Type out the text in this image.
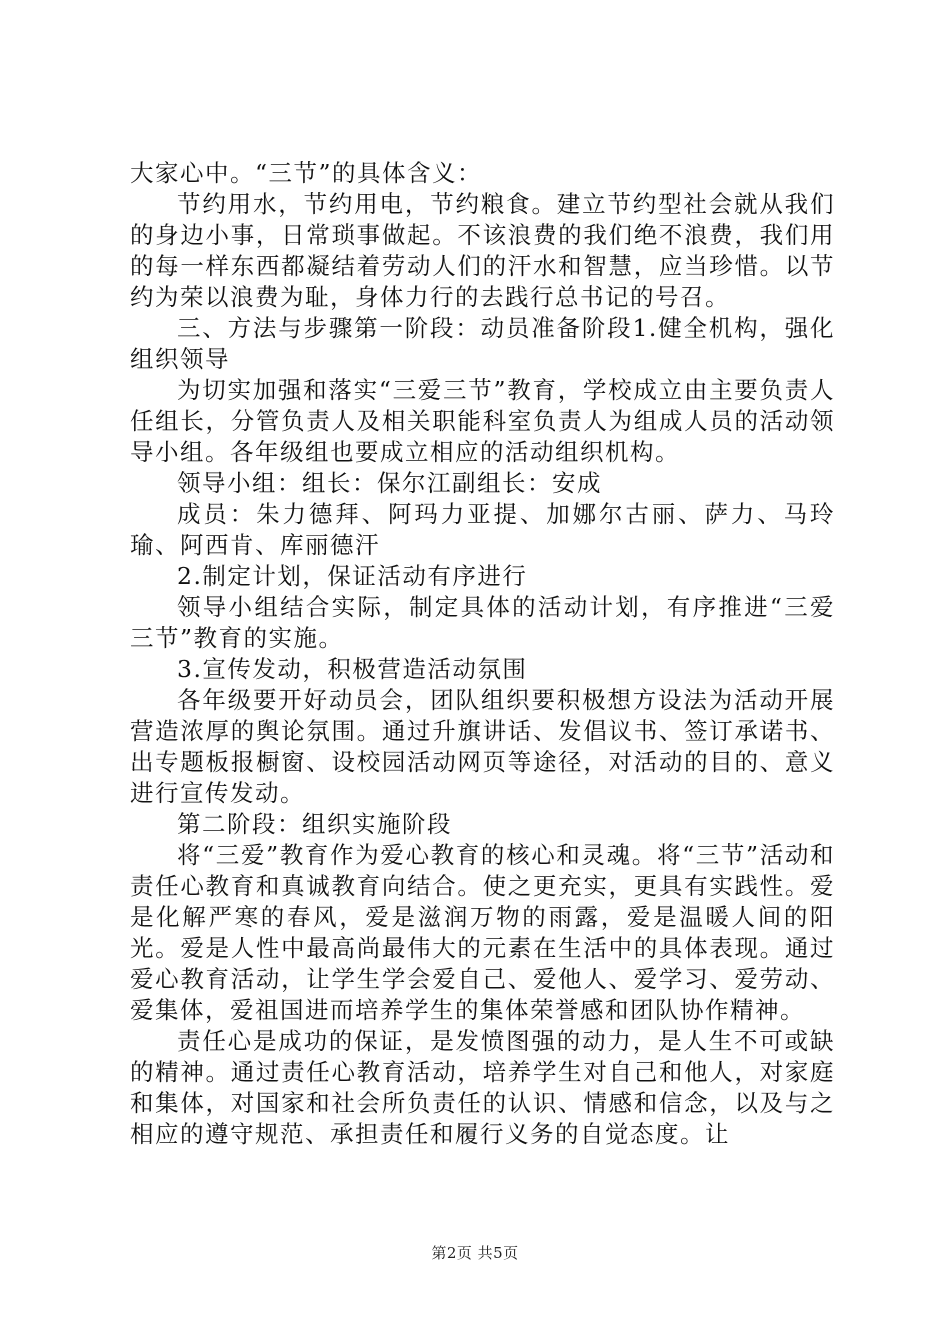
大家心中。“三节”的具体含义：

节约用水，节约用电，节约粮食。建立节约型社会就从我们的身边小事，日常琐事做起。不该浪费的我们绝不浪费，我们用的每一样东西都凝结着劳动人们的汗水和智慧，应当珍惜。以节约为荣以浪费为耻，身体力行的去践行总书记的号召。

三、方法与步骤第一阶段：动员准备阶段1.健全机构，强化组织领导

为切实加强和落实“三爱三节”教育，学校成立由主要负责人任组长，分管负责人及相关职能科室负责人为组成人员的活动领导小组。各年级组也要成立相应的活动组织机构。

领导小组：组长：保尔江副组长：安成

成员：朱力德拜、阿玛力亚提、加娜尔古丽、萨力、马玲瑜、阿西肯、库丽德汗

2.制定计划，保证活动有序进行

领导小组结合实际，制定具体的活动计划，有序推进“三爱三节”教育的实施。

3.宣传发动，积极营造活动氛围

各年级要开好动员会，团队组织要积极想方设法为活动开展营造浓厚的舆论氛围。通过升旗讲话、发倡议书、签订承诺书、出专题板报橱窗、设校园活动网页等途径，对活动的目的、意义进行宣传发动。

第二阶段：组织实施阶段

将“三爱”教育作为爱心教育的核心和灵魂。将“三节”活动和责任心教育和真诚教育向结合。使之更充实，更具有实践性。爱是化解严寒的春风，爱是滋润万物的雨露，爱是温暖人间的阳光。爱是人性中最高尚最伟大的元素在生活中的具体表现。通过爱心教育活动，让学生学会爱自己、爱他人、爱学习、爱劳动、爱集体，爱祖国进而培养学生的集体荣誉感和团队协作精神。

责任心是成功的保证，是发愤图强的动力，是人生不可或缺的精神。通过责任心教育活动，培养学生对自己和他人，对家庭和集体，对国家和社会所负责任的认识、情感和信念，以及与之相应的遵守规范、承担责任和履行义务的自觉态度。让

第2页 共5页
